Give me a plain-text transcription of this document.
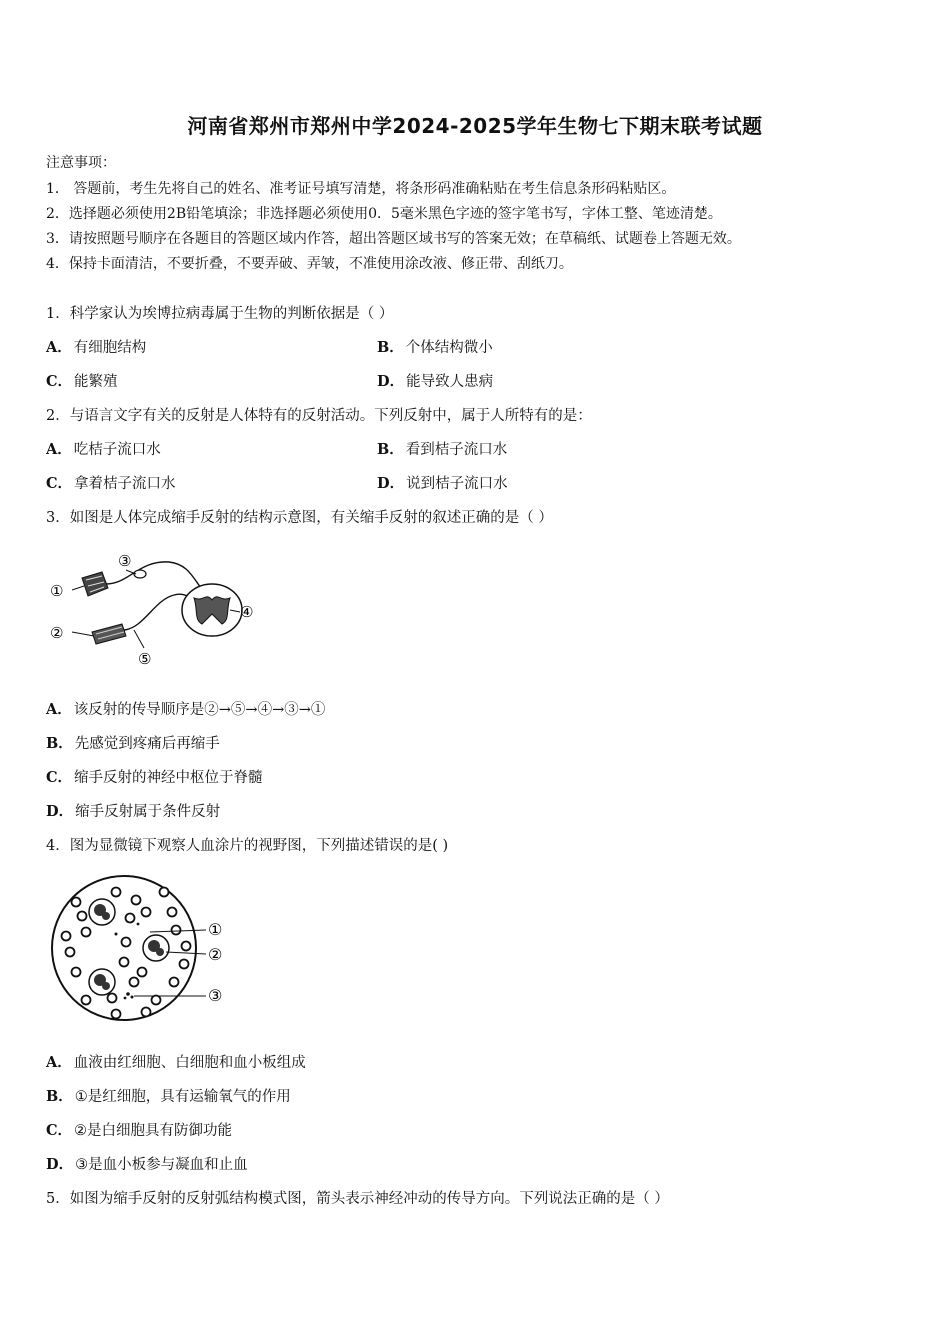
河南省郑州市郑州中学2024-2025学年生物七下期末联考试题
注意事项：
1． 答题前，考生先将自己的姓名、准考证号填写清楚，将条形码准确粘贴在考生信息条形码粘贴区。
2．选择题必须使用2B铅笔填涂；非选择题必须使用0．5毫米黑色字迹的签字笔书写，字体工整、笔迹清楚。
3．请按照题号顺序在各题目的答题区域内作答，超出答题区域书写的答案无效；在草稿纸、试题卷上答题无效。
4．保持卡面清洁，不要折叠，不要弄破、弄皱，不准使用涂改液、修正带、刮纸刀。
1．科学家认为埃博拉病毒属于生物的判断依据是（ ）
A． 有细胞结构	B． 个体结构微小
C． 能繁殖	D． 能导致人患病
2．与语言文字有关的反射是人体特有的反射活动。下列反射中，属于人所特有的是：
A． 吃桔子流口水	B． 看到桔子流口水
C． 拿着桔子流口水	D． 说到桔子流口水
3．如图是人体完成缩手反射的结构示意图，有关缩手反射的叙述正确的是（ ）
①
②
③
④
⑤
A． 该反射的传导顺序是②→⑤→④→③→①
B． 先感觉到疼痛后再缩手
C． 缩手反射的神经中枢位于脊髓
D． 缩手反射属于条件反射
4．图为显微镜下观察人血涂片的视野图，下列描述错误的是( )
①
②
③
A． 血液由红细胞、白细胞和血小板组成
B． ①是红细胞，具有运输氧气的作用
C． ②是白细胞具有防御功能
D． ③是血小板参与凝血和止血
5．如图为缩手反射的反射弧结构模式图，箭头表示神经冲动的传导方向。下列说法正确的是（ ）
